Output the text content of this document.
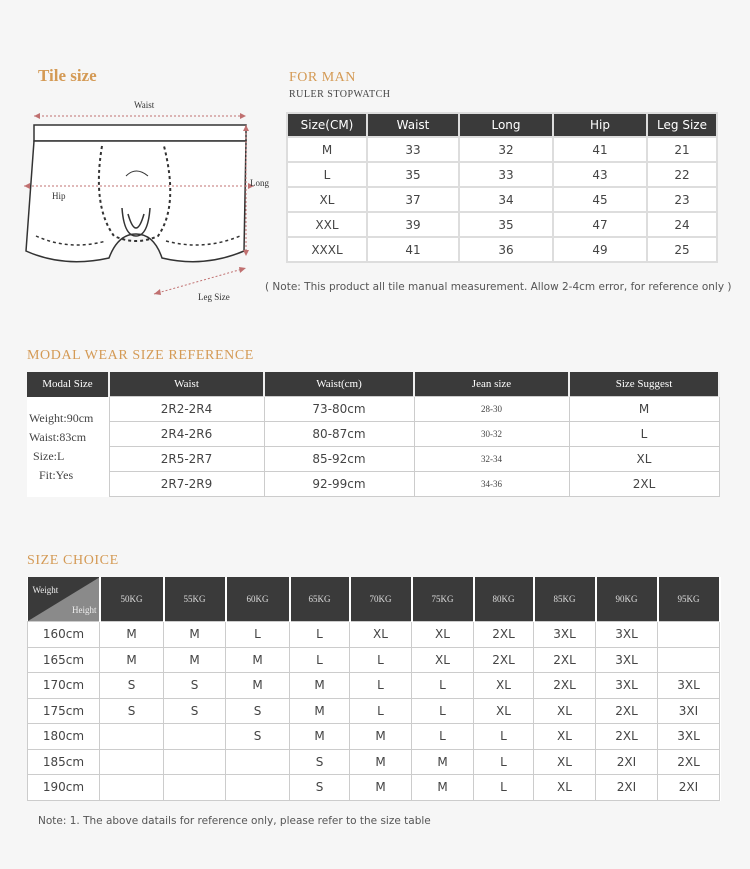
Tile size
Waist
Hip
Long
Leg Size
FOR MAN
RULER STOPWATCH
Size(CM)	Waist	Long	Hip	Leg Size
M	33	32	41	21
L	35	33	43	22
XL	37	34	45	23
XXL	39	35	47	24
XXXL	41	36	49	25
( Note: This product all tile manual measurement. Allow 2-4cm error, for reference only )
MODAL WEAR SIZE REFERENCE
Modal Size	Waist	Waist(cm)	Jean size	Size Suggest

Weight:90cm
Waist:83cm
Size:L
Fit:Yes	2R2-2R4	73-80cm	28-30	M
	2R4-2R6	80-87cm	30-32	L
	2R5-2R7	85-92cm	32-34	XL
	2R7-2R9	92-99cm	34-36	2XL
SIZE CHOICE
Weight
Height	50KG	55KG	60KG	65KG	70KG	75KG	80KG	85KG	90KG	95KG
160cm	M	M	L	L	XL	XL	2XL	3XL	3XL	
165cm	M	M	M	L	L	XL	2XL	2XL	3XL	
170cm	S	S	M	M	L	L	XL	2XL	3XL	3XL
175cm	S	S	S	M	L	L	XL	XL	2XL	3XI
180cm			S	M	M	L	L	XL	2XL	3XL
185cm				S	M	M	L	XL	2XI	2XL
190cm				S	M	M	L	XL	2XI	2XI
Note: 1. The above datails for reference only, please refer to the size table
